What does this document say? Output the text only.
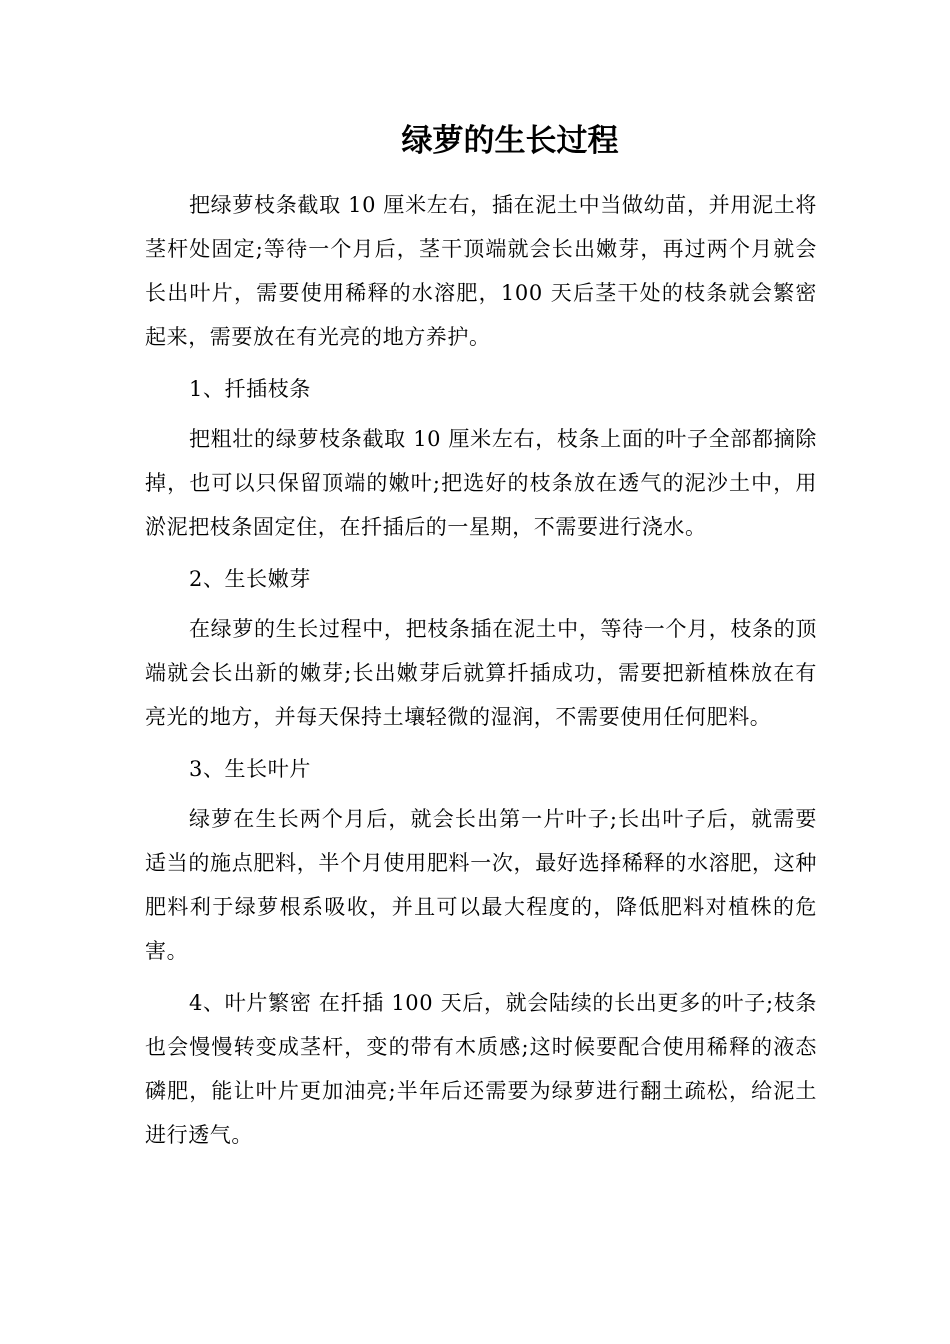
绿萝的生长过程

把绿萝枝条截取 10 厘米左右，插在泥土中当做幼苗，并用泥土将茎杆处固定;等待一个月后，茎干顶端就会长出嫩芽，再过两个月就会长出叶片，需要使用稀释的水溶肥，100 天后茎干处的枝条就会繁密起来，需要放在有光亮的地方养护。

1、扦插枝条

把粗壮的绿萝枝条截取 10 厘米左右，枝条上面的叶子全部都摘除掉，也可以只保留顶端的嫩叶;把选好的枝条放在透气的泥沙土中，用淤泥把枝条固定住，在扦插后的一星期，不需要进行浇水。

2、生长嫩芽

在绿萝的生长过程中，把枝条插在泥土中，等待一个月，枝条的顶端就会长出新的嫩芽;长出嫩芽后就算扦插成功，需要把新植株放在有亮光的地方，并每天保持土壤轻微的湿润，不需要使用任何肥料。

3、生长叶片

绿萝在生长两个月后，就会长出第一片叶子;长出叶子后，就需要适当的施点肥料，半个月使用肥料一次，最好选择稀释的水溶肥，这种肥料利于绿萝根系吸收，并且可以最大程度的，降低肥料对植株的危害。

4、叶片繁密 在扦插 100 天后，就会陆续的长出更多的叶子;枝条也会慢慢转变成茎杆，变的带有木质感;这时候要配合使用稀释的液态磷肥，能让叶片更加油亮;半年后还需要为绿萝进行翻土疏松，给泥土进行透气。
